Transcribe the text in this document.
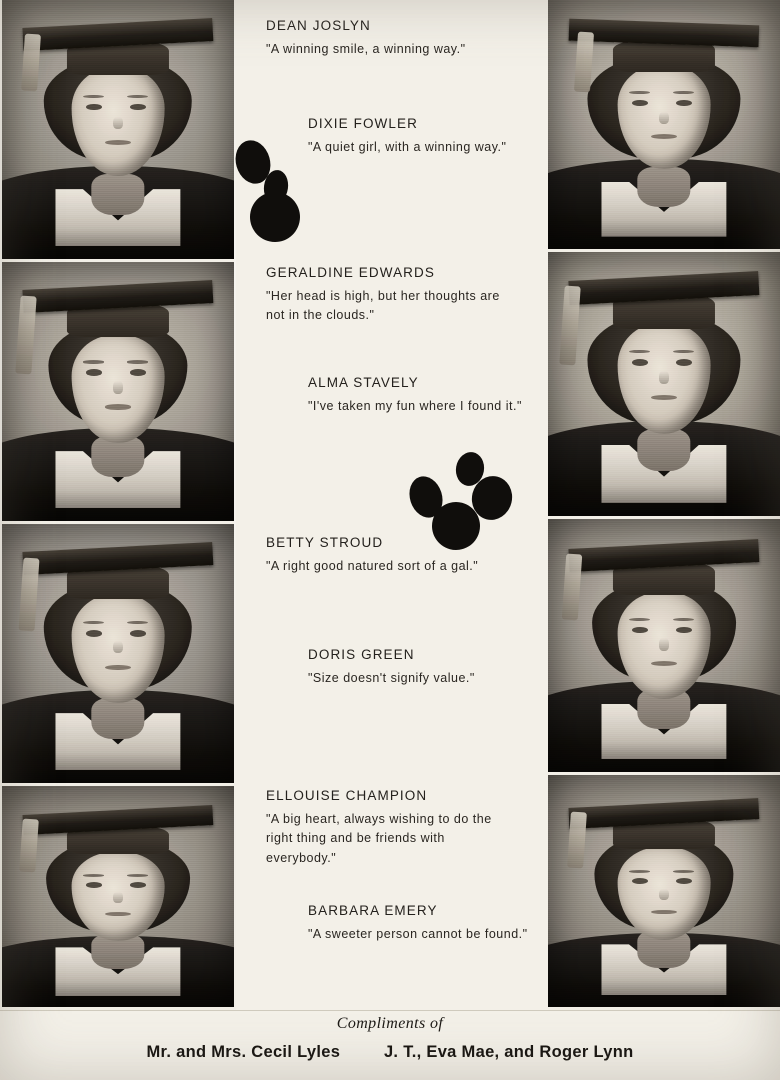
DEAN JOSLYN
"A winning smile, a winning way."
DIXIE FOWLER
"A quiet girl, with a winning way."
GERALDINE EDWARDS
"Her head is high, but her thoughts are not in the clouds."
ALMA STAVELY
"I've taken my fun where I found it."
BETTY STROUD
"A right good natured sort of a gal."
DORIS GREEN
"Size doesn't signify value."
ELLOUISE CHAMPION
"A big heart, always wishing to do the right thing and be friends with everybody."
BARBARA EMERY
"A sweeter person cannot be found."
Compliments of
Mr. and Mrs. Cecil Lyles	J. T., Eva Mae, and Roger Lynn
